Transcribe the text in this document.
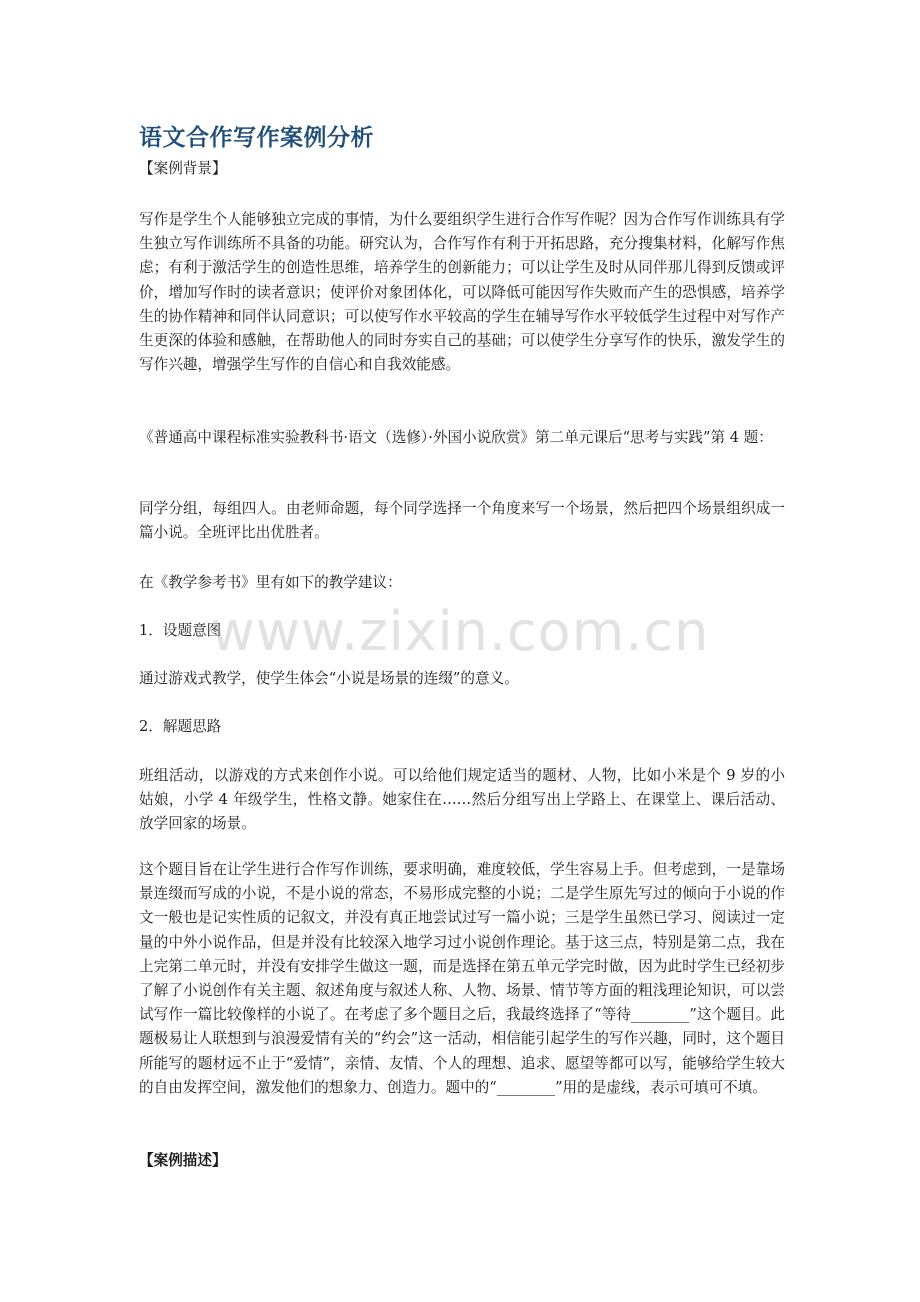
语文合作写作案例分析

【案例背景】

写作是学生个人能够独立完成的事情，为什么要组织学生进行合作写作呢？因为合作写作训练具有学生独立写作训练所不具备的功能。研究认为，合作写作有利于开拓思路，充分搜集材料，化解写作焦虑；有利于激活学生的创造性思维，培养学生的创新能力；可以让学生及时从同伴那儿得到反馈或评价，增加写作时的读者意识；使评价对象团体化，可以降低可能因写作失败而产生的恐惧感，培养学生的协作精神和同伴认同意识；可以使写作水平较高的学生在辅导写作水平较低学生过程中对写作产生更深的体验和感触，在帮助他人的同时夯实自己的基础；可以使学生分享写作的快乐，激发学生的写作兴趣，增强学生写作的自信心和自我效能感。

《普通高中课程标准实验教科书·语文（选修）·外国小说欣赏》第二单元课后“思考与实践”第 4 题：

同学分组，每组四人。由老师命题，每个同学选择一个角度来写一个场景，然后把四个场景组织成一篇小说。全班评比出优胜者。

在《教学参考书》里有如下的教学建议：

1．设题意图

通过游戏式教学，使学生体会“小说是场景的连缀”的意义。

2．解题思路

班组活动，以游戏的方式来创作小说。可以给他们规定适当的题材、人物，比如小米是个 9 岁的小姑娘，小学 4 年级学生，性格文静。她家住在……然后分组写出上学路上、在课堂上、课后活动、放学回家的场景。

这个题目旨在让学生进行合作写作训练，要求明确，难度较低，学生容易上手。但考虑到，一是靠场景连缀而写成的小说，不是小说的常态，不易形成完整的小说；二是学生原先写过的倾向于小说的作文一般也是记实性质的记叙文，并没有真正地尝试过写一篇小说；三是学生虽然已学习、阅读过一定量的中外小说作品，但是并没有比较深入地学习过小说创作理论。基于这三点，特别是第二点，我在上完第二单元时，并没有安排学生做这一题，而是选择在第五单元学完时做，因为此时学生已经初步了解了小说创作有关主题、叙述角度与叙述人称、人物、场景、情节等方面的粗浅理论知识，可以尝试写作一篇比较像样的小说了。在考虑了多个题目之后，我最终选择了“等待________”这个题目。此题极易让人联想到与浪漫爱情有关的“约会”这一活动，相信能引起学生的写作兴趣，同时，这个题目所能写的题材远不止于“爱情”，亲情、友情、个人的理想、追求、愿望等都可以写，能够给学生较大的自由发挥空间，激发他们的想象力、创造力。题中的“________”用的是虚线，表示可填可不填。

【案例描述】

www.zixin.com.cn
